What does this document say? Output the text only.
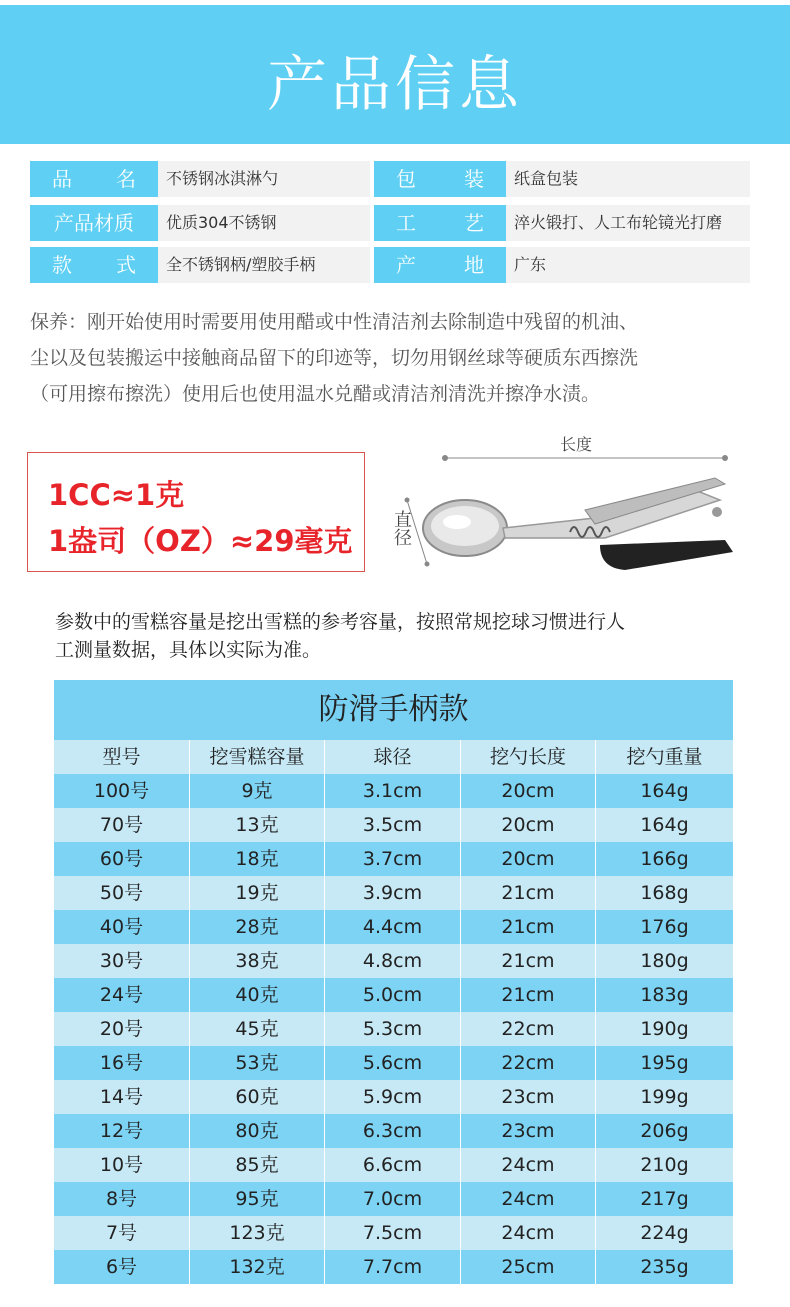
产品信息
品 名	不锈钢冰淇淋勺	包 装	纸盒包装
产品材质	优质304不锈钢	工 艺	淬火锻打、人工布轮镜光打磨
款 式	全不锈钢柄/塑胶手柄	产 地	广东
保养：刚开始使用时需要用使用醋或中性清洁剂去除制造中残留的机油、
尘以及包装搬运中接触商品留下的印迹等，切勿用钢丝球等硬质东西擦洗
（可用擦布擦洗）使用后也使用温水兑醋或清洁剂清洗并擦净水渍。
1CC≈1克
1盎司（OZ）≈29毫克
长度
直径
参数中的雪糕容量是挖出雪糕的参考容量，按照常规挖球习惯进行人
工测量数据，具体以实际为准。
防滑手柄款
型号	挖雪糕容量	球径	挖勺长度	挖勺重量
100号	9克	3.1cm	20cm	164g
70号	13克	3.5cm	20cm	164g
60号	18克	3.7cm	20cm	166g
50号	19克	3.9cm	21cm	168g
40号	28克	4.4cm	21cm	176g
30号	38克	4.8cm	21cm	180g
24号	40克	5.0cm	21cm	183g
20号	45克	5.3cm	22cm	190g
16号	53克	5.6cm	22cm	195g
14号	60克	5.9cm	23cm	199g
12号	80克	6.3cm	23cm	206g
10号	85克	6.6cm	24cm	210g
8号	95克	7.0cm	24cm	217g
7号	123克	7.5cm	24cm	224g
6号	132克	7.7cm	25cm	235g
